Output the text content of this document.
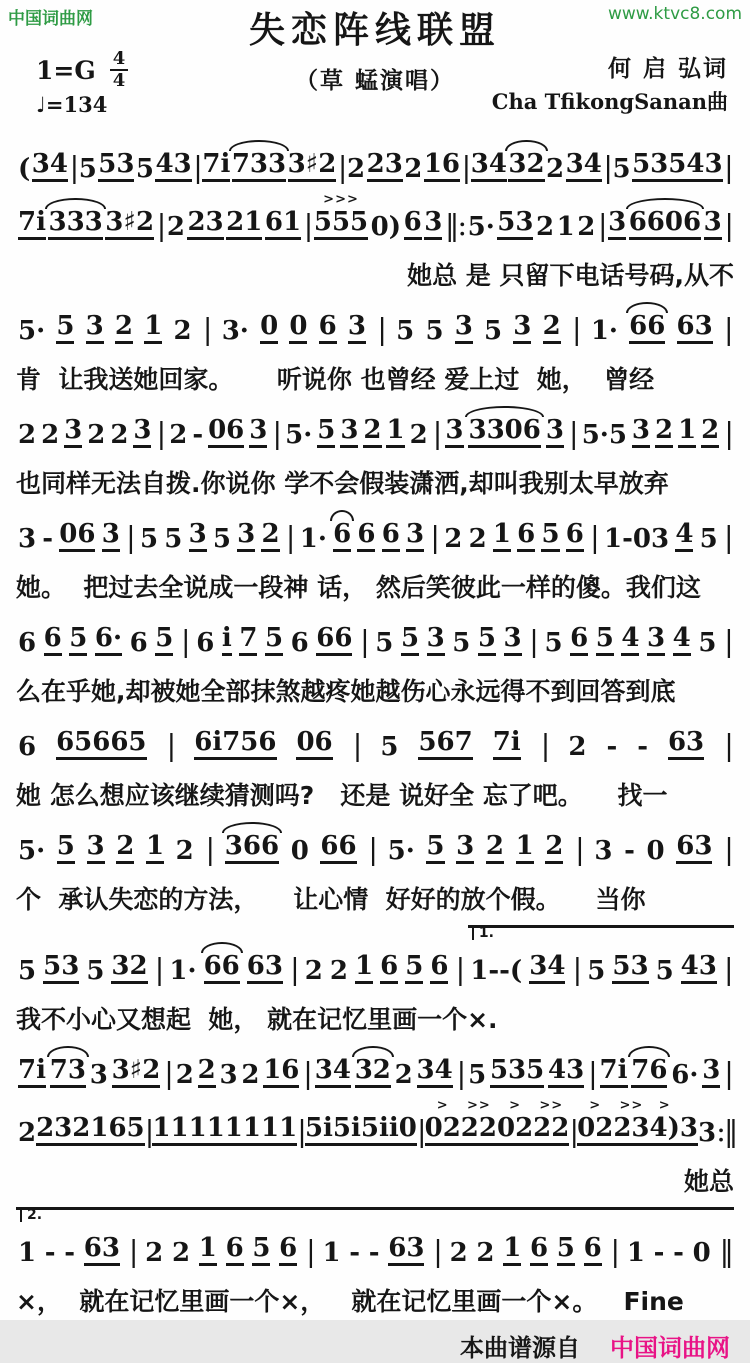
中国词曲网	www.ktvc8.com
失恋阵线联盟
$1=G \frac{4}{4}$
♩=134
（草 蜢演唱）	何 启 弘词
Cha TfikongSanan曲
( 34 | 5 53 5 43 | 7i 733 3♯2 | 2 23 2 16 | 34 32 2 34 | 5 53543 |
7i 333 3♯2 | 2 23 21 61 | 555
>>>
0) 6 3 ‖: 5· 53 2 1 2 | 3 6606 3 |
她总 是 只留下电话号码,从不
5· 5 3 2 1 2 | 3· 0 0 6 3 | 5 5 3 5 3 2 | 1· 66 63 |
肯  让我送她回家。     听说你 也曾经 爱上过  她，  曾经
2 2 3 2 2 3 | 2 - 06 3 | 5· 5 3 2 1 2 | 3 3306 3 | 5·5 3 2 1 2 |
也同样无法自拨.你说你 学不会假装潇洒,却叫我别太早放弃
3 - 06 3 | 5 5 3 5 3 2 | 1· 6 6 6 3 | 2 2 1 6 5 6 | 1-03 4 5 |
她。  把过去全说成一段神 话， 然后笑彼此一样的傻。我们这
6 6 5 6· 6 5 | 6 i 7 5 6 66 | 5 5 3 5 5 3 | 5 6 5 4 3 4 5 |
么在乎她,却被她全部抹煞越疼她越伤心永远得不到回答到底
6 65665 | 6i756 06 | 5 567 7i | 2 - - 63 |
她 怎么想应该继续猜测吗?   还是 说好全 忘了吧。    找一
5· 5 3 2 1 2 | 366 0 66 | 5· 5 3 2 1 2 | 3 - 0 63 |
个  承认失恋的方法，    让心情  好好的放个假。    当你
1.
5 53 5 32 | 1· 66 63 | 2 2 1 6 5 6 | 1--( 34 | 5 53 5 43 |
我不小心又想起  她， 就在记忆里画一个×.
7i 73 3 3♯2 | 2 2 3 2 16 | 34 32 2 34 | 5 535 43 | 7i 76 6· 3 |
2 23 21 65 | 11111111 | 5i5i5ii0 | 02
>
22
>>
02
>
22
>>
| 02
>
23
>>
4)
>
3 3 :‖
她总
2.
1 - - 63 | 2 2 1 6 5 6 | 1 - - 63 | 2 2 1 6 5 6 | 1 - - 0 ‖
×，  就在记忆里画一个×，   就在记忆里画一个×。   Fine
本曲谱源自 中国词曲网
